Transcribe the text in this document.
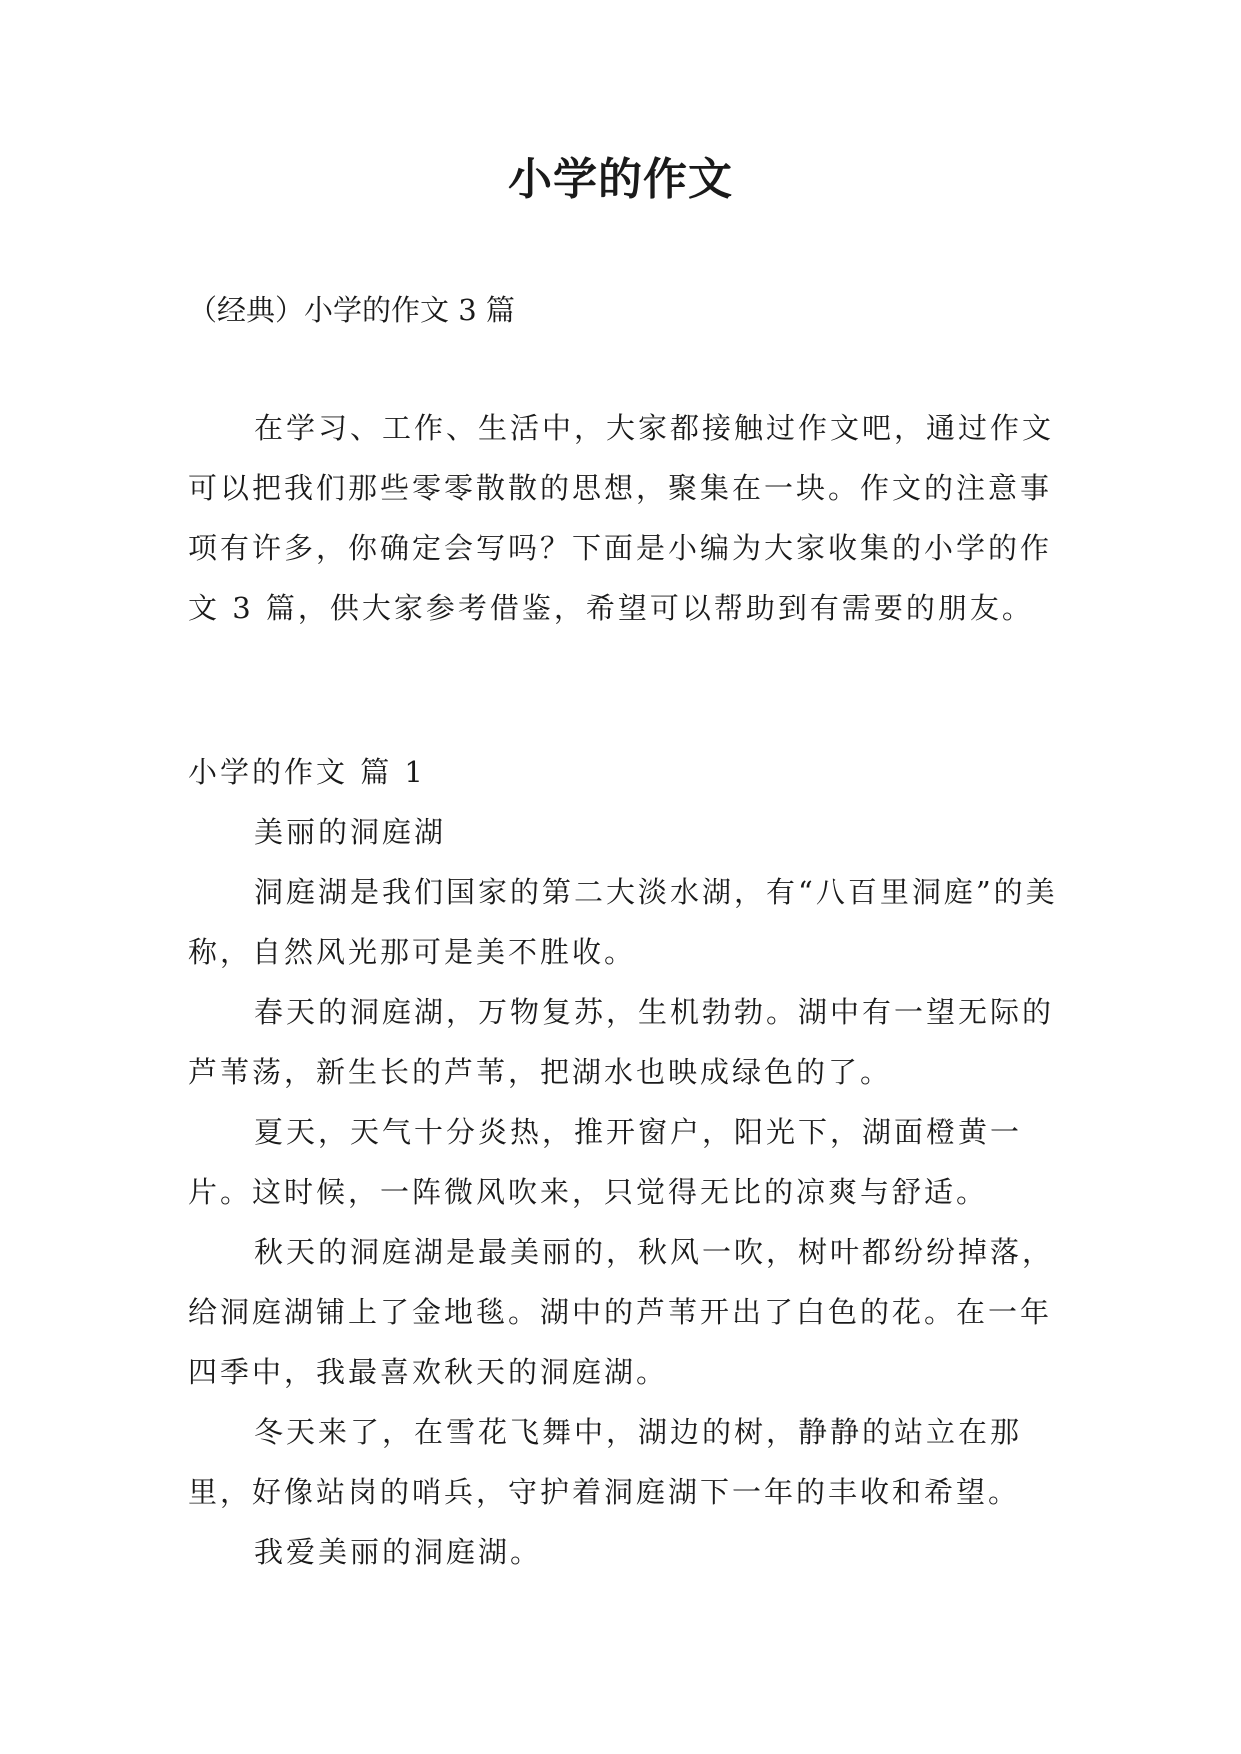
小学的作文

（经典）小学的作文 3 篇

在学习、工作、生活中，大家都接触过作文吧，通过作文可以把我们那些零零散散的思想，聚集在一块。作文的注意事项有许多，你确定会写吗？下面是小编为大家收集的小学的作文 3 篇，供大家参考借鉴，希望可以帮助到有需要的朋友。

小学的作文 篇 1

美丽的洞庭湖

洞庭湖是我们国家的第二大淡水湖，有“八百里洞庭”的美称，自然风光那可是美不胜收。

春天的洞庭湖，万物复苏，生机勃勃。湖中有一望无际的芦苇荡，新生长的芦苇，把湖水也映成绿色的了。

夏天，天气十分炎热，推开窗户，阳光下，湖面橙黄一片。这时候，一阵微风吹来，只觉得无比的凉爽与舒适。

秋天的洞庭湖是最美丽的，秋风一吹，树叶都纷纷掉落，给洞庭湖铺上了金地毯。湖中的芦苇开出了白色的花。在一年四季中，我最喜欢秋天的洞庭湖。

冬天来了，在雪花飞舞中，湖边的树，静静的站立在那里，好像站岗的哨兵，守护着洞庭湖下一年的丰收和希望。

我爱美丽的洞庭湖。
